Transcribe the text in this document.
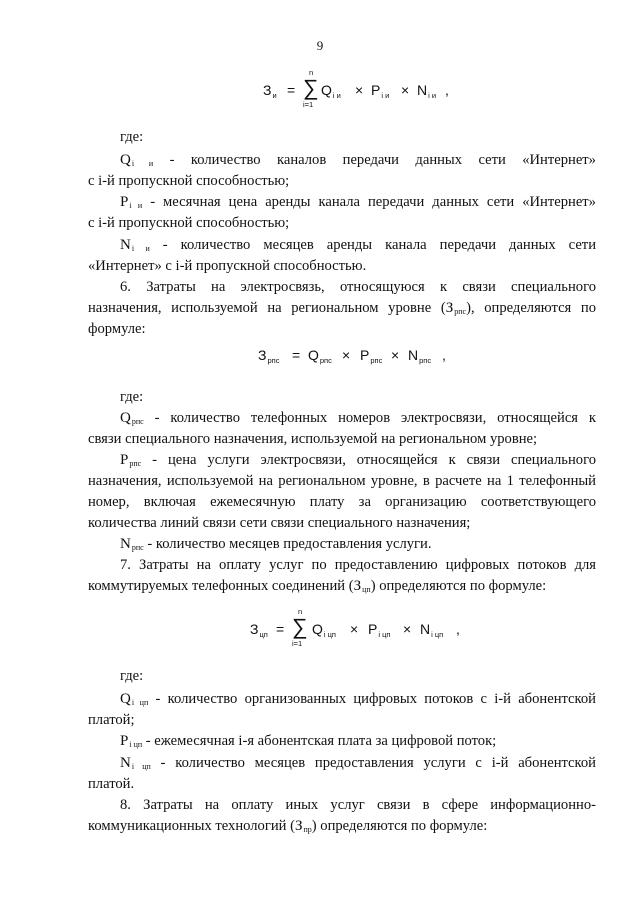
9
$З_и$ =
n
∑
i=1
$Q_{i и} \times P_{i и} \times N_{i и}$ ,
где:
Qi и - количество каналов передачи данных сети «Интернет»
с i-й пропускной способностью;
Pi и - месячная цена аренды канала передачи данных сети «Интернет»
с i-й пропускной способностью;
Ni и - количество месяцев аренды канала передачи данных сети
«Интернет» с i-й пропускной способностью.
6. Затраты на электросвязь, относящуюся к связи специального
назначения, используемой на региональном уровне (Зрпс), определяются по
формуле:
$З_{рпс} = Q_{рпс} \times P_{рпс} \times N_{рпс}$ ,
где:
Qрпс - количество телефонных номеров электросвязи, относящейся к
связи специального назначения, используемой на региональном уровне;
Pрпс - цена услуги электросвязи, относящейся к связи специального
назначения, используемой на региональном уровне, в расчете на 1 телефонный
номер, включая ежемесячную плату за организацию соответствующего
количества линий связи сети связи специального назначения;
Nрпс - количество месяцев предоставления услуги.
7. Затраты на оплату услуг по предоставлению цифровых потоков для
коммутируемых телефонных соединений (Зцп) определяются по формуле:
$З_{цп}$ =
n
∑
i=1
$Q_{i цп} \times P_{i цп} \times N_{i цп}$ ,
где:
Qi цп - количество организованных цифровых потоков с i-й абонентской
платой;
Pi цп - ежемесячная i-я абонентская плата за цифровой поток;
Ni цп - количество месяцев предоставления услуги с i-й абонентской
платой.
8. Затраты на оплату иных услуг связи в сфере информационно-
коммуникационных технологий (Зпр) определяются по формуле:
